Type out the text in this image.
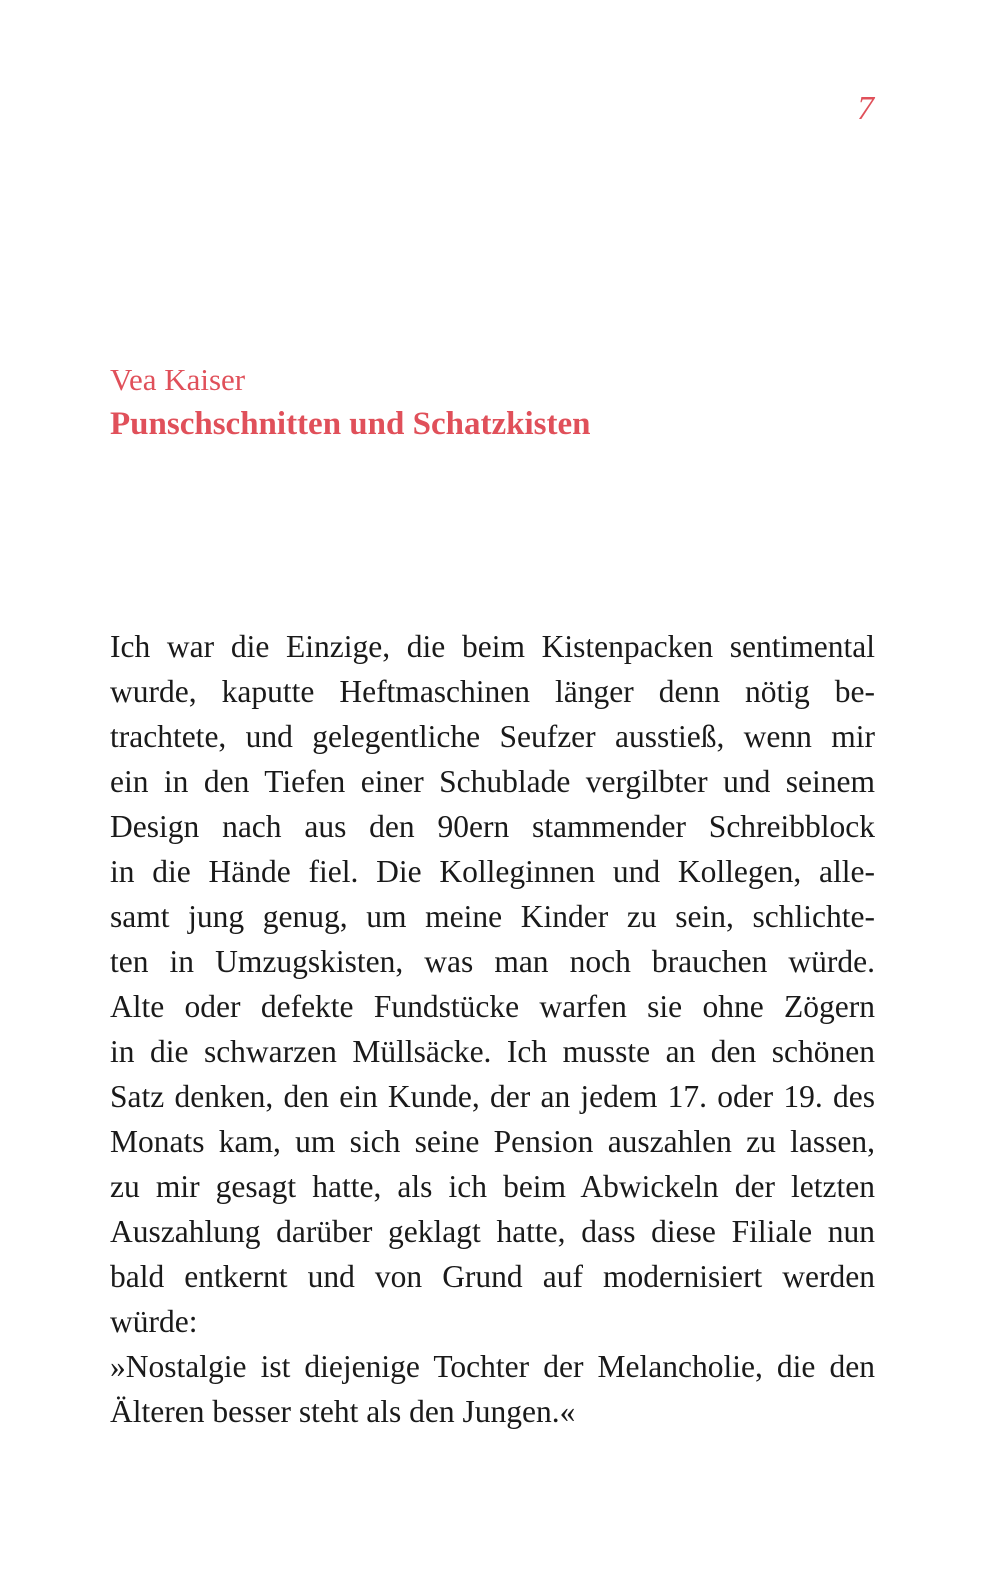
7

Vea Kaiser

Punschschnitten und Schatzkisten

Ich war die Einzige, die beim Kistenpacken sentimental
wurde, kaputte Heftmaschinen länger denn nötig be-
trachtete, und gelegentliche Seufzer ausstieß, wenn mir
ein in den Tiefen einer Schublade vergilbter und seinem
Design nach aus den 90ern stammender Schreibblock
in die Hände fiel. Die Kolleginnen und Kollegen, alle-
samt jung genug, um meine Kinder zu sein, schlichte-
ten in Umzugskisten, was man noch brauchen würde.
Alte oder defekte Fundstücke warfen sie ohne Zögern
in die schwarzen Müllsäcke. Ich musste an den schönen
Satz denken, den ein Kunde, der an jedem 17. oder 19. des
Monats kam, um sich seine Pension auszahlen zu lassen,
zu mir gesagt hatte, als ich beim Abwickeln der letzten
Auszahlung darüber geklagt hatte, dass diese Filiale nun
bald entkernt und von Grund auf modernisiert werden
würde:
»Nostalgie ist diejenige Tochter der Melancholie, die den
Älteren besser steht als den Jungen.«
